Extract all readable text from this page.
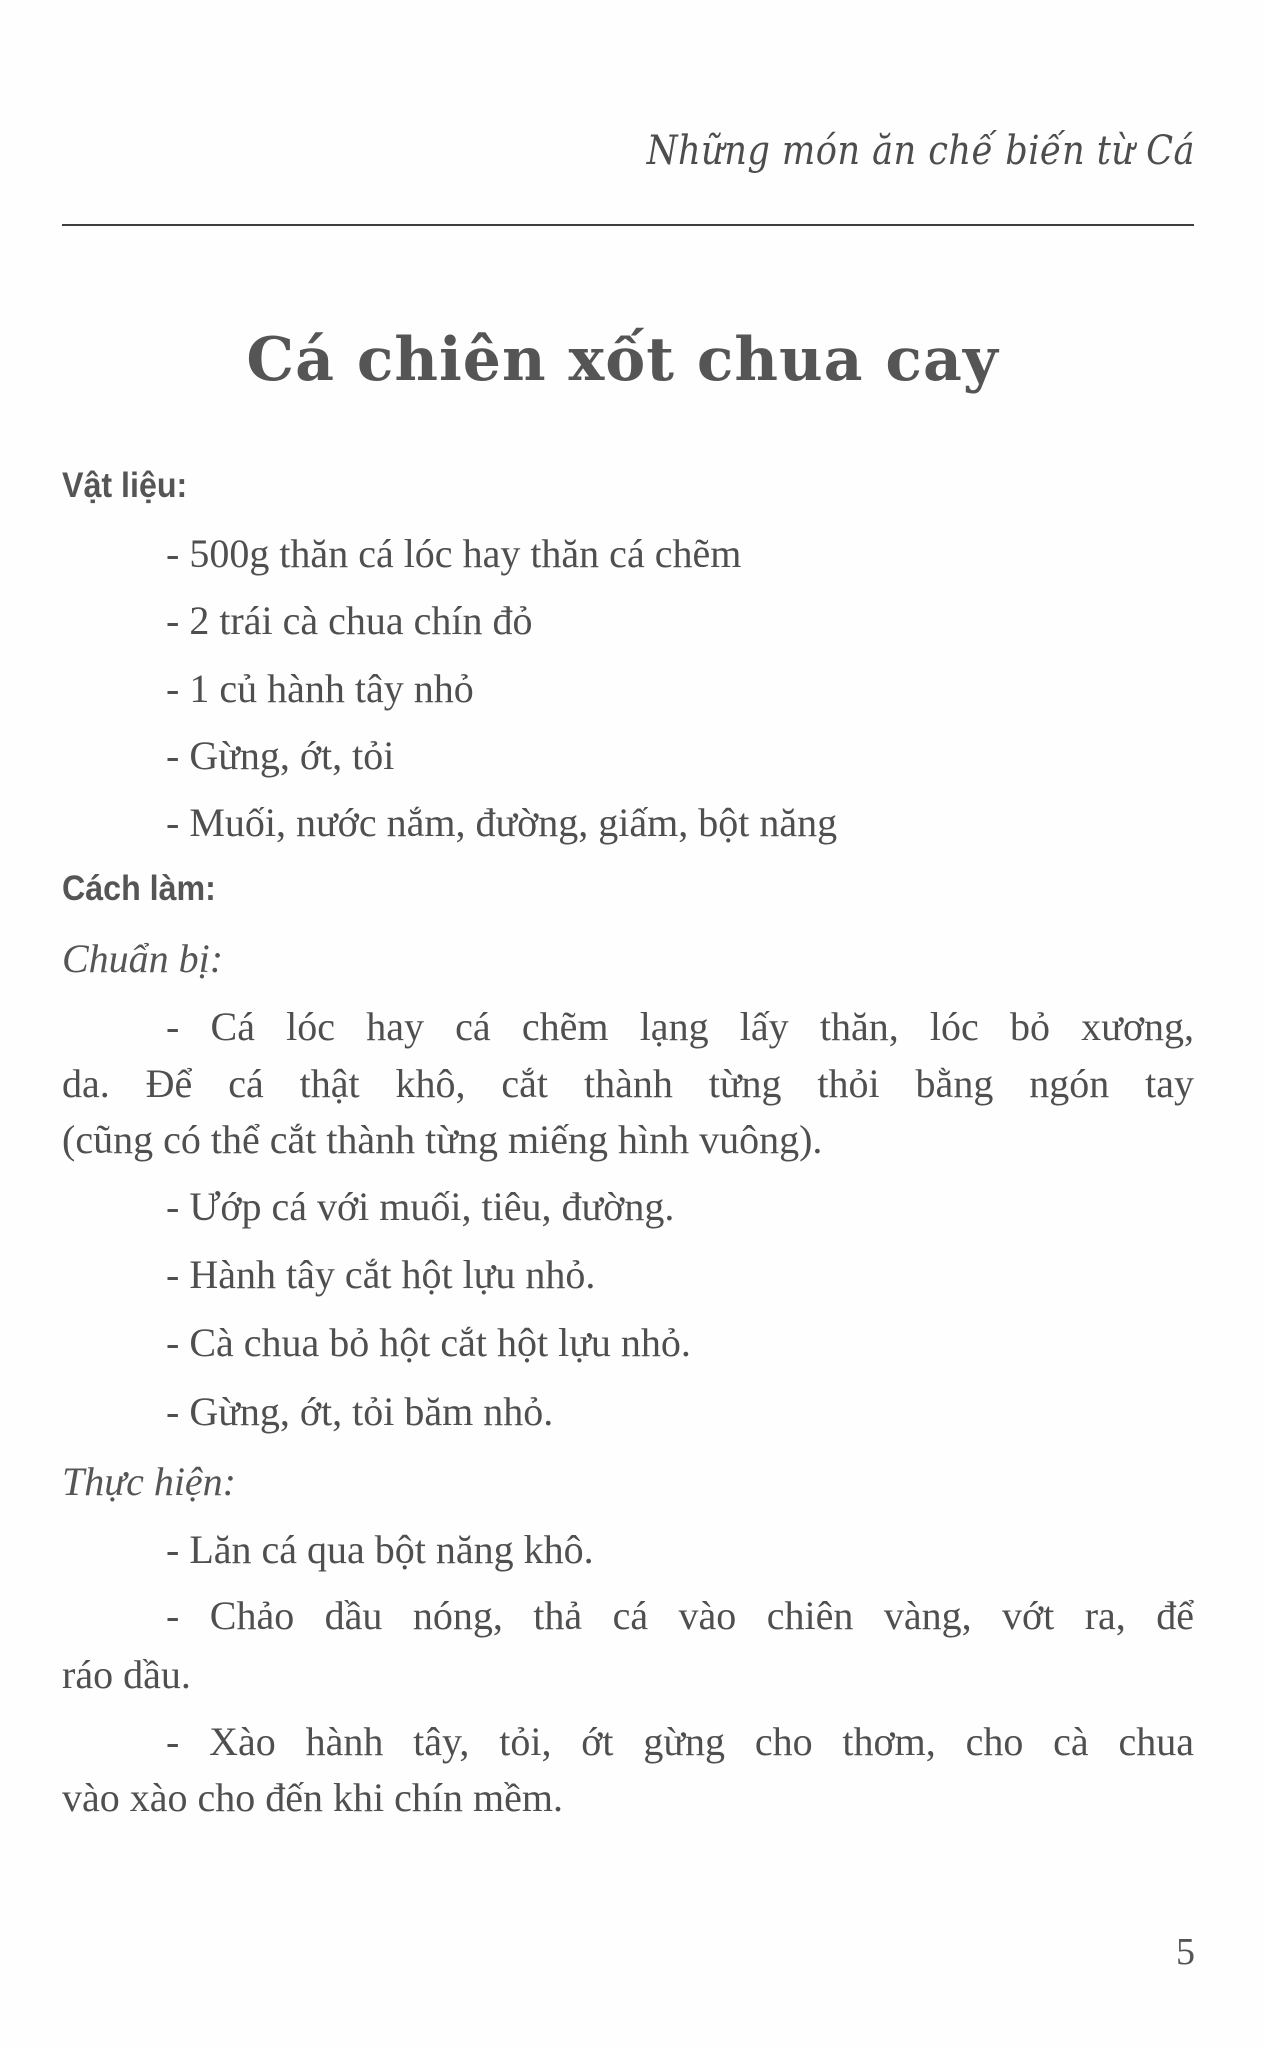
Những món ăn chế biến từ Cá
Cá chiên xốt chua cay
Vật liệu:
- 500g thăn cá lóc hay thăn cá chẽm
- 2 trái cà chua chín đỏ
- 1 củ hành tây nhỏ
- Gừng, ớt, tỏi
- Muối, nước nắm, đường, giấm, bột năng
Cách làm:
Chuẩn bị:
- Cá lóc hay cá chẽm lạng lấy thăn, lóc bỏ xương,
da. Để cá thật khô, cắt thành từng thỏi bằng ngón tay
(cũng có thể cắt thành từng miếng hình vuông).
- Ướp cá với muối, tiêu, đường.
- Hành tây cắt hột lựu nhỏ.
- Cà chua bỏ hột cắt hột lựu nhỏ.
- Gừng, ớt, tỏi băm nhỏ.
Thực hiện:
- Lăn cá qua bột năng khô.
- Chảo dầu nóng, thả cá vào chiên vàng, vớt ra, để
ráo dầu.
- Xào hành tây, tỏi, ớt gừng cho thơm, cho cà chua
vào xào cho đến khi chín mềm.
5
